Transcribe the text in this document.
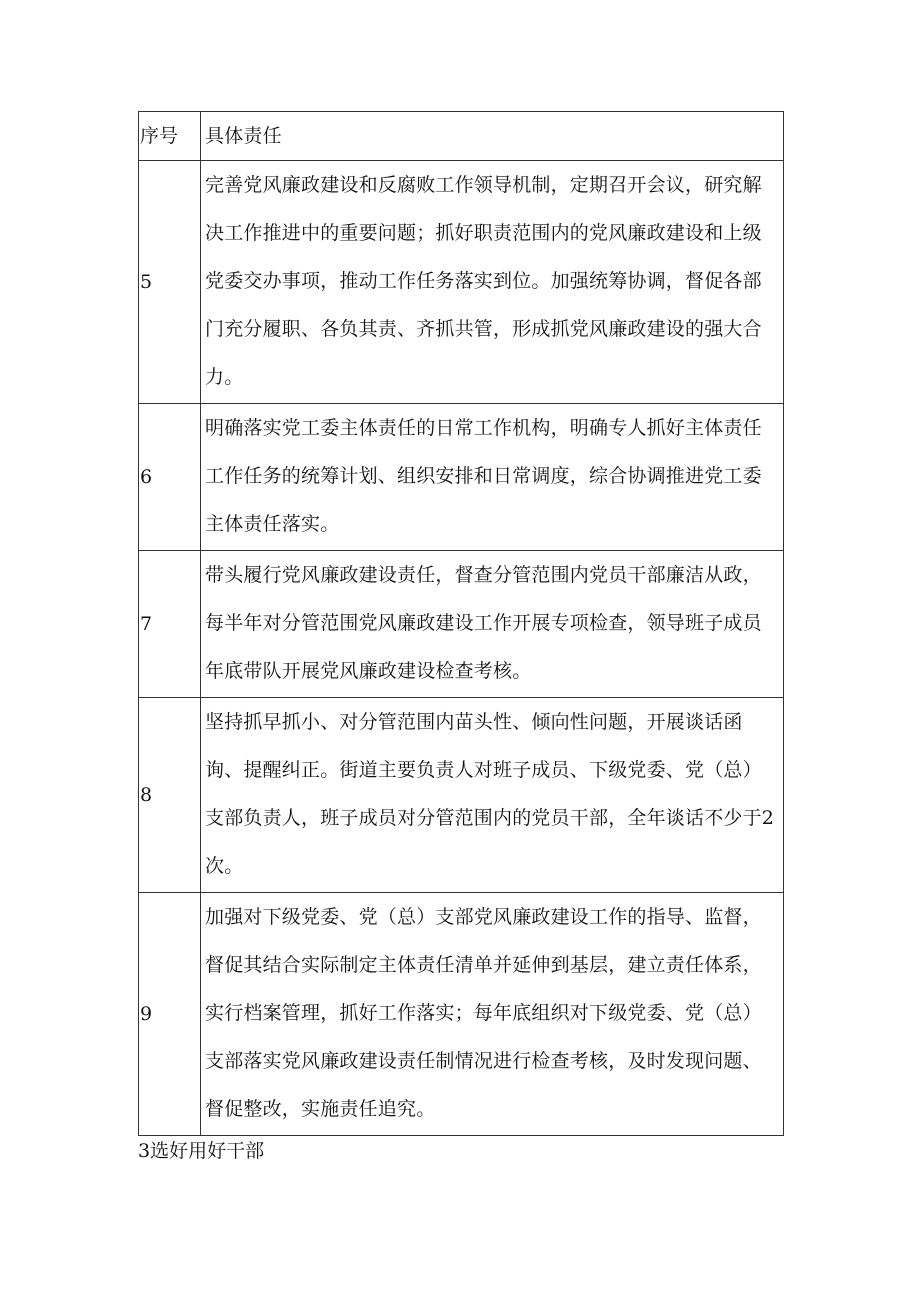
序号	具体责任
5	完善党风廉政建设和反腐败工作领导机制，定期召开会议，研究解决工作推进中的重要问题；抓好职责范围内的党风廉政建设和上级党委交办事项，推动工作任务落实到位。加强统筹协调，督促各部门充分履职、各负其责、齐抓共管，形成抓党风廉政建设的强大合力。
6	明确落实党工委主体责任的日常工作机构，明确专人抓好主体责任工作任务的统筹计划、组织安排和日常调度，综合协调推进党工委主体责任落实。
7	带头履行党风廉政建设责任，督查分管范围内党员干部廉洁从政，每半年对分管范围党风廉政建设工作开展专项检查，领导班子成员年底带队开展党风廉政建设检查考核。
8	坚持抓早抓小、对分管范围内苗头性、倾向性问题，开展谈话函询、提醒纠正。街道主要负责人对班子成员、下级党委、党（总）支部负责人，班子成员对分管范围内的党员干部，全年谈话不少于2次。
9	加强对下级党委、党（总）支部党风廉政建设工作的指导、监督，督促其结合实际制定主体责任清单并延伸到基层，建立责任体系，实行档案管理，抓好工作落实；每年底组织对下级党委、党（总）支部落实党风廉政建设责任制情况进行检查考核，及时发现问题、督促整改，实施责任追究。
3选好用好干部
